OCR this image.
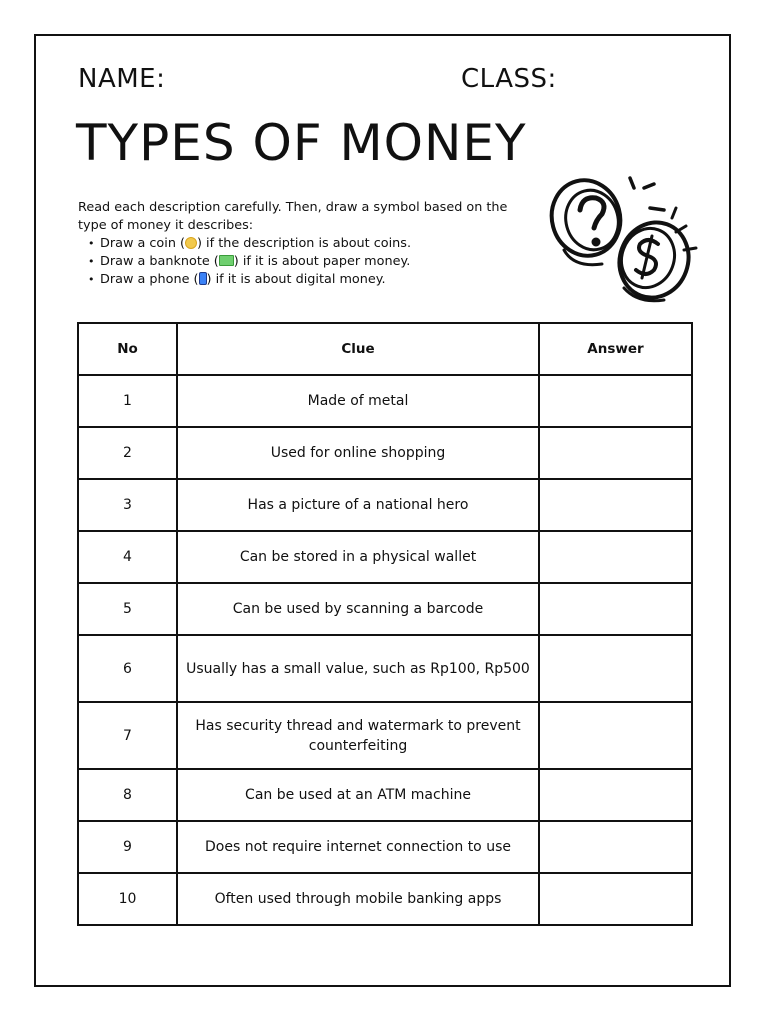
NAME:	CLASS:
TYPES OF MONEY

Read each description carefully. Then, draw a symbol based on the type of money it describes:

• Draw a coin ( ) if the description is about coins.
• Draw a banknote ( ) if it is about paper money.
• Draw a phone ( ) if it is about digital money.
No	Clue	Answer
1	Made of metal	
2	Used for online shopping	
3	Has a picture of a national hero	
4	Can be stored in a physical wallet	
5	Can be used by scanning a barcode	
6	Usually has a small value, such as Rp100, Rp500	
7	Has security thread and watermark to prevent counterfeiting	
8	Can be used at an ATM machine	
9	Does not require internet connection to use	
10	Often used through mobile banking apps	
